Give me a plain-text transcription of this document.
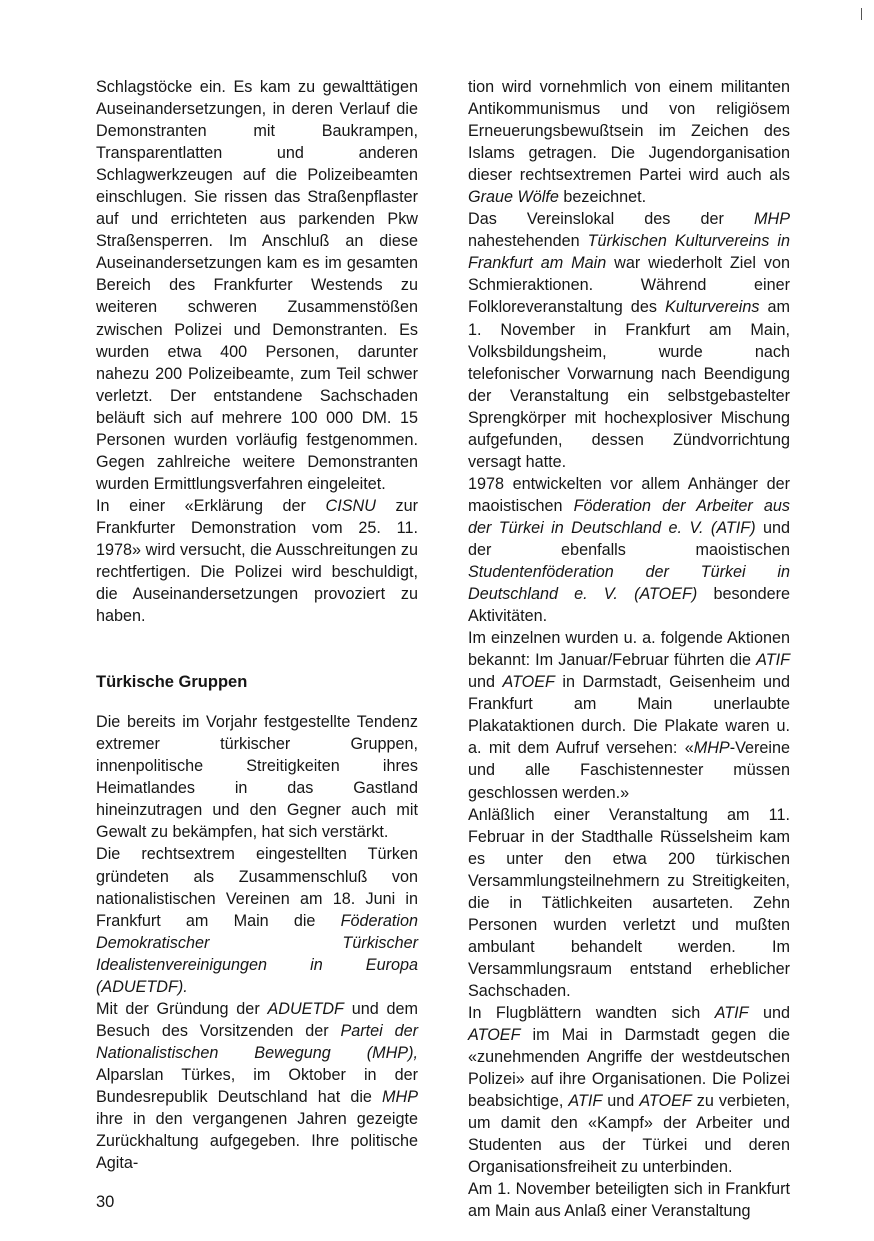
Schlagstöcke ein. Es kam zu gewalttätigen Auseinandersetzungen, in deren Verlauf die Demonstranten mit Baukrampen, Transparentlatten und anderen Schlagwerkzeugen auf die Polizeibeamten einschlugen. Sie rissen das Straßenpflaster auf und errichteten aus parkenden Pkw Straßensperren. Im Anschluß an diese Auseinandersetzungen kam es im gesamten Bereich des Frankfurter Westends zu weiteren schweren Zusammenstößen zwischen Polizei und Demonstranten. Es wurden etwa 400 Personen, darunter nahezu 200 Polizeibeamte, zum Teil schwer verletzt. Der entstandene Sachschaden beläuft sich auf mehrere 100 000 DM. 15 Personen wurden vorläufig festgenommen. Gegen zahlreiche weitere Demonstranten wurden Ermittlungsverfahren eingeleitet.

In einer «Erklärung der CISNU zur Frankfurter Demonstration vom 25. 11. 1978» wird versucht, die Ausschreitungen zu rechtfertigen. Die Polizei wird beschuldigt, die Auseinandersetzungen provoziert zu haben.

Türkische Gruppen

Die bereits im Vorjahr festgestellte Tendenz extremer türkischer Gruppen, innenpolitische Streitigkeiten ihres Heimatlandes in das Gastland hineinzutragen und den Gegner auch mit Gewalt zu bekämpfen, hat sich verstärkt.

Die rechtsextrem eingestellten Türken gründeten als Zusammenschluß von nationalistischen Vereinen am 18. Juni in Frankfurt am Main die Föderation Demokratischer Türkischer Idealistenvereinigungen in Europa (ADUETDF).

Mit der Gründung der ADUETDF und dem Besuch des Vorsitzenden der Partei der Nationalistischen Bewegung (MHP), Alparslan Türkes, im Oktober in der Bundesrepublik Deutschland hat die MHP ihre in den vergangenen Jahren gezeigte Zurückhaltung aufgegeben. Ihre politische Agita-

tion wird vornehmlich von einem militanten Antikommunismus und von religiösem Erneuerungsbewußtsein im Zeichen des Islams getragen. Die Jugendorganisation dieser rechtsextremen Partei wird auch als Graue Wölfe bezeichnet.

Das Vereinslokal des der MHP nahestehenden Türkischen Kulturvereins in Frankfurt am Main war wiederholt Ziel von Schmieraktionen. Während einer Folkloreveranstaltung des Kulturvereins am 1. November in Frankfurt am Main, Volksbildungsheim, wurde nach telefonischer Vorwarnung nach Beendigung der Veranstaltung ein selbstgebastelter Sprengkörper mit hochexplosiver Mischung aufgefunden, dessen Zündvorrichtung versagt hatte.

1978 entwickelten vor allem Anhänger der maoistischen Föderation der Arbeiter aus der Türkei in Deutschland e. V. (ATIF) und der ebenfalls maoistischen Studentenföderation der Türkei in Deutschland e. V. (ATOEF) besondere Aktivitäten.

Im einzelnen wurden u. a. folgende Aktionen bekannt: Im Januar/Februar führten die ATIF und ATOEF in Darmstadt, Geisenheim und Frankfurt am Main unerlaubte Plakataktionen durch. Die Plakate waren u. a. mit dem Aufruf versehen: «MHP-Vereine und alle Faschistennester müssen geschlossen werden.»

Anläßlich einer Veranstaltung am 11. Februar in der Stadthalle Rüsselsheim kam es unter den etwa 200 türkischen Versammlungsteilnehmern zu Streitigkeiten, die in Tätlichkeiten ausarteten. Zehn Personen wurden verletzt und mußten ambulant behandelt werden. Im Versammlungsraum entstand erheblicher Sachschaden.

In Flugblättern wandten sich ATIF und ATOEF im Mai in Darmstadt gegen die «zunehmenden Angriffe der westdeutschen Polizei» auf ihre Organisationen. Die Polizei beabsichtige, ATIF und ATOEF zu verbieten, um damit den «Kampf» der Arbeiter und Studenten aus der Türkei und deren Organisationsfreiheit zu unterbinden.

Am 1. November beteiligten sich in Frankfurt am Main aus Anlaß einer Veranstaltung

30
